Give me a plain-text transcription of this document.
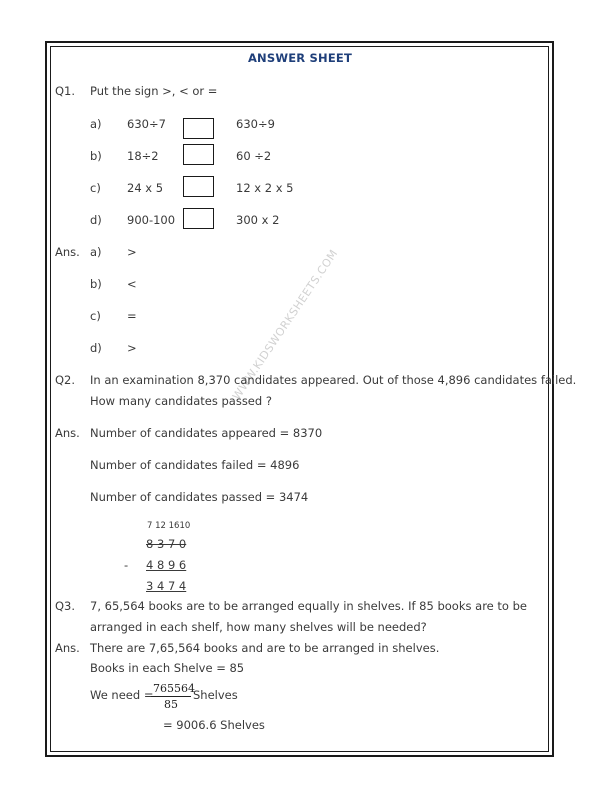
WWW.KIDSWORKSHEETS.COM
ANSWER SHEET
Q1. Put the sign >, < or =
a) 630÷7	630÷9
b) 18÷2	60 ÷2
c) 24 x 5	12 x 2 x 5
d) 900-100	300 x 2
Ans. a) >
b) <
c) =
d) >
Q2. In an examination 8,370 candidates appeared. Out of those 4,896 candidates failed.
How many candidates passed ?
Ans. Number of candidates appeared = 8370
Number of candidates failed = 4896
Number of candidates passed = 3474
7 12 1610
8 3 7 0
- 4 8 9 6
3 4 7 4
Q3. 7, 65,564 books are to be arranged equally in shelves. If 85 books are to be
arranged in each shelf, how many shelves will be needed?
Ans. There are 7,65,564 books and are to be arranged in shelves.
Books in each Shelve = 85
We need = 765564
85
Shelves
= 9006.6 Shelves
